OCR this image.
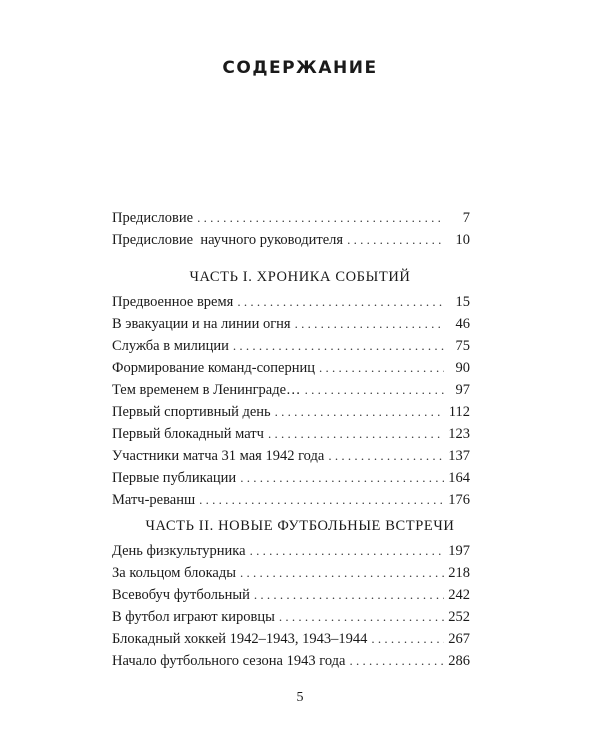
СОДЕРЖАНИЕ
Предисловие . . .	7
Предисловие  научного руководителя . . .	10
ЧАСТЬ I. ХРОНИКА СОБЫТИЙ
Предвоенное время . . .	15
В эвакуации и на линии огня . . .	46
Служба в милиции . . .	75
Формирование команд-соперниц . . .	90
Тем временем в Ленинграде… . . .	97
Первый спортивный день . . .	112
Первый блокадный матч . . .	123
Участники матча 31 мая 1942 года . . .	137
Первые публикации . . .	164
Матч-реванш . . .	176
ЧАСТЬ II. НОВЫЕ ФУТБОЛЬНЫЕ ВСТРЕЧИ
День физкультурника . . .	197
За кольцом блокады . . .	218
Всевобуч футбольный . . .	242
В футбол играют кировцы . . .	252
Блокадный хоккей 1942–1943, 1943–1944 . . .	267
Начало футбольного сезона 1943 года . . .	286
5
